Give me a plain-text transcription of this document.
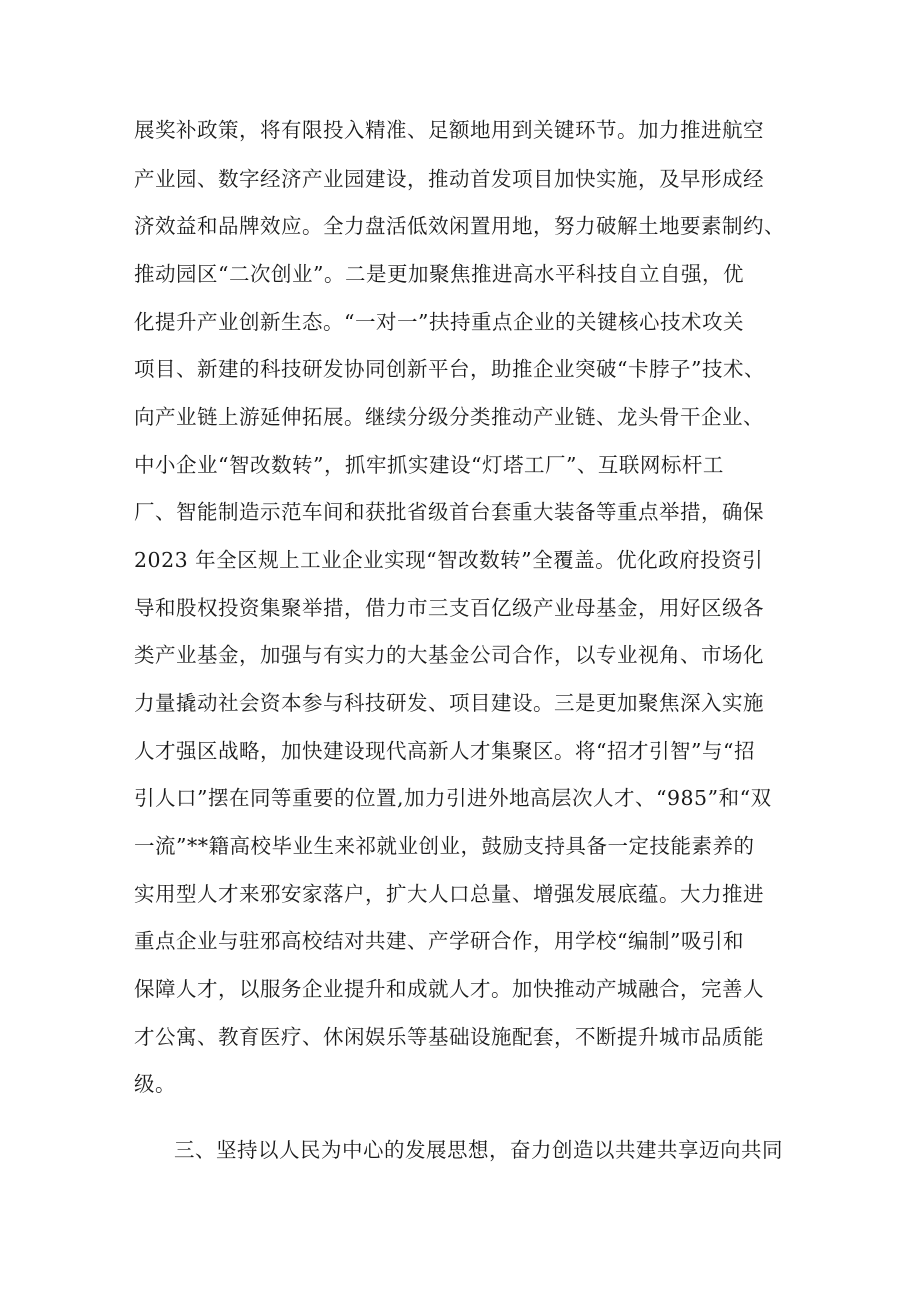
展奖补政策，将有限投入精准、足额地用到关键环节。加力推进航空
产业园、数字经济产业园建设，推动首发项目加快实施，及早形成经
济效益和品牌效应。全力盘活低效闲置用地，努力破解土地要素制约、
推动园区“二次创业”。二是更加聚焦推进高水平科技自立自强，优
化提升产业创新生态。“一对一”扶持重点企业的关键核心技术攻关
项目、新建的科技研发协同创新平台，助推企业突破“卡脖子”技术、
向产业链上游延伸拓展。继续分级分类推动产业链、龙头骨干企业、
中小企业“智改数转”，抓牢抓实建设“灯塔工厂”、互联网标杆工
厂、智能制造示范车间和获批省级首台套重大装备等重点举措，确保
2023 年全区规上工业企业实现“智改数转”全覆盖。优化政府投资引
导和股权投资集聚举措，借力市三支百亿级产业母基金，用好区级各
类产业基金，加强与有实力的大基金公司合作，以专业视角、市场化
力量撬动社会资本参与科技研发、项目建设。三是更加聚焦深入实施
人才强区战略，加快建设现代高新人才集聚区。将“招才引智”与“招
引人口”摆在同等重要的位置,加力引进外地高层次人才、“985”和“双
一流”**籍高校毕业生来祁就业创业，鼓励支持具备一定技能素养的
实用型人才来邪安家落户，扩大人口总量、增强发展底蕴。大力推进
重点企业与驻邪高校结对共建、产学研合作，用学校“编制”吸引和
保障人才，以服务企业提升和成就人才。加快推动产城融合，完善人
才公寓、教育医疗、休闲娱乐等基础设施配套，不断提升城市品质能
级。
三、坚持以人民为中心的发展思想，奋力创造以共建共享迈向共同
